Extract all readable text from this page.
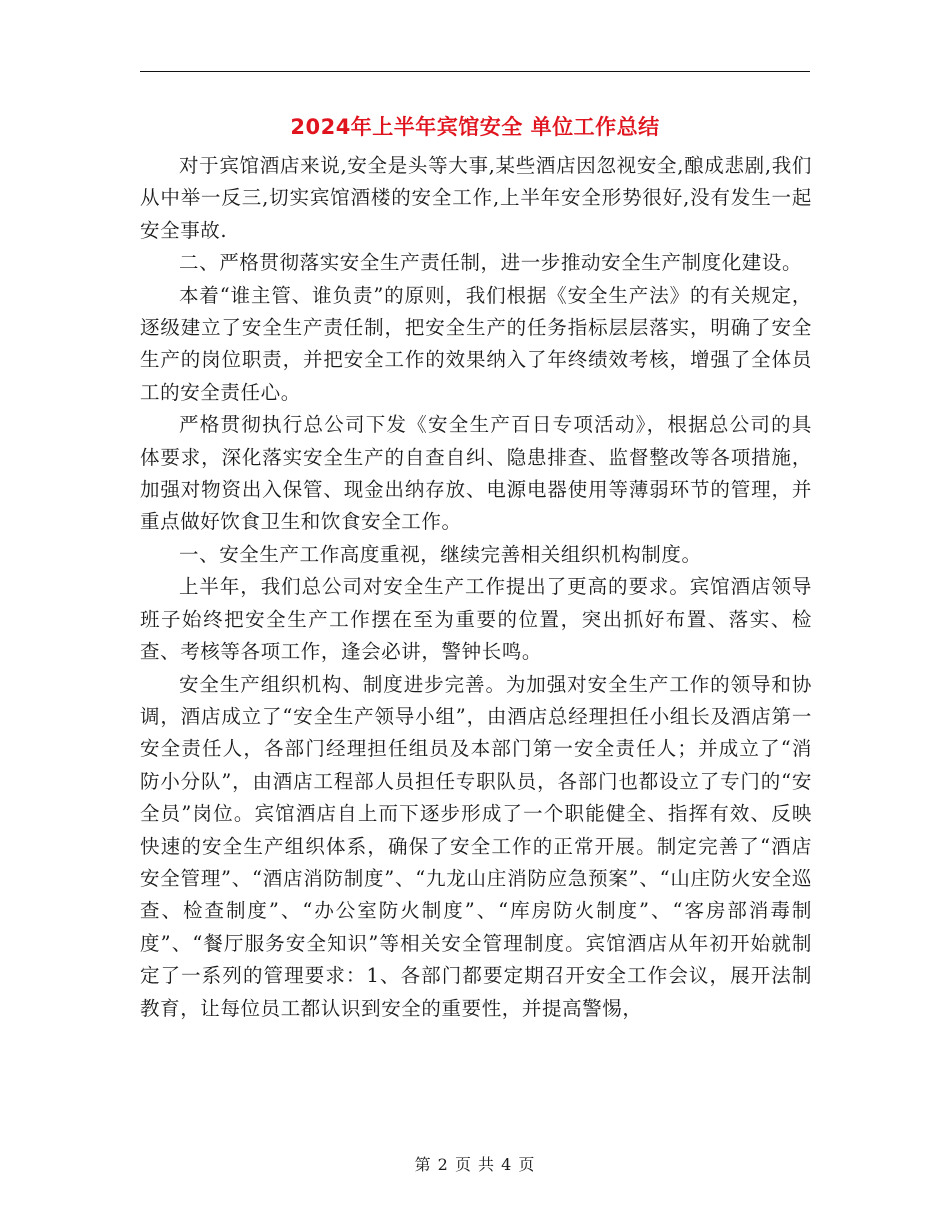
2024年上半年宾馆安全 单位工作总结

对于宾馆酒店来说,安全是头等大事,某些酒店因忽视安全,酿成悲剧,我们从中举一反三,切实宾馆酒楼的安全工作,上半年安全形势很好,没有发生一起安全事故.

二、严格贯彻落实安全生产责任制，进一步推动安全生产制度化建设。

本着“谁主管、谁负责”的原则，我们根据《安全生产法》的有关规定，逐级建立了安全生产责任制，把安全生产的任务指标层层落实，明确了安全生产的岗位职责，并把安全工作的效果纳入了年终绩效考核，增强了全体员工的安全责任心。

严格贯彻执行总公司下发《安全生产百日专项活动》，根据总公司的具体要求，深化落实安全生产的自查自纠、隐患排查、监督整改等各项措施，加强对物资出入保管、现金出纳存放、电源电器使用等薄弱环节的管理，并重点做好饮食卫生和饮食安全工作。

一、安全生产工作高度重视，继续完善相关组织机构制度。

上半年，我们总公司对安全生产工作提出了更高的要求。宾馆酒店领导班子始终把安全生产工作摆在至为重要的位置，突出抓好布置、落实、检查、考核等各项工作，逢会必讲，警钟长鸣。

安全生产组织机构、制度进步完善。为加强对安全生产工作的领导和协调，酒店成立了“安全生产领导小组”，由酒店总经理担任小组长及酒店第一安全责任人，各部门经理担任组员及本部门第一安全责任人；并成立了“消防小分队”，由酒店工程部人员担任专职队员，各部门也都设立了专门的“安全员”岗位。宾馆酒店自上而下逐步形成了一个职能健全、指挥有效、反映快速的安全生产组织体系，确保了安全工作的正常开展。制定完善了“酒店安全管理”、“酒店消防制度”、“九龙山庄消防应急预案”、“山庄防火安全巡查、检查制度”、“办公室防火制度”、“库房防火制度”、“客房部消毒制度”、“餐厅服务安全知识”等相关安全管理制度。宾馆酒店从年初开始就制定了一系列的管理要求：1、各部门都要定期召开安全工作会议，展开法制教育，让每位员工都认识到安全的重要性，并提高警惕，

第 2 页 共 4 页
